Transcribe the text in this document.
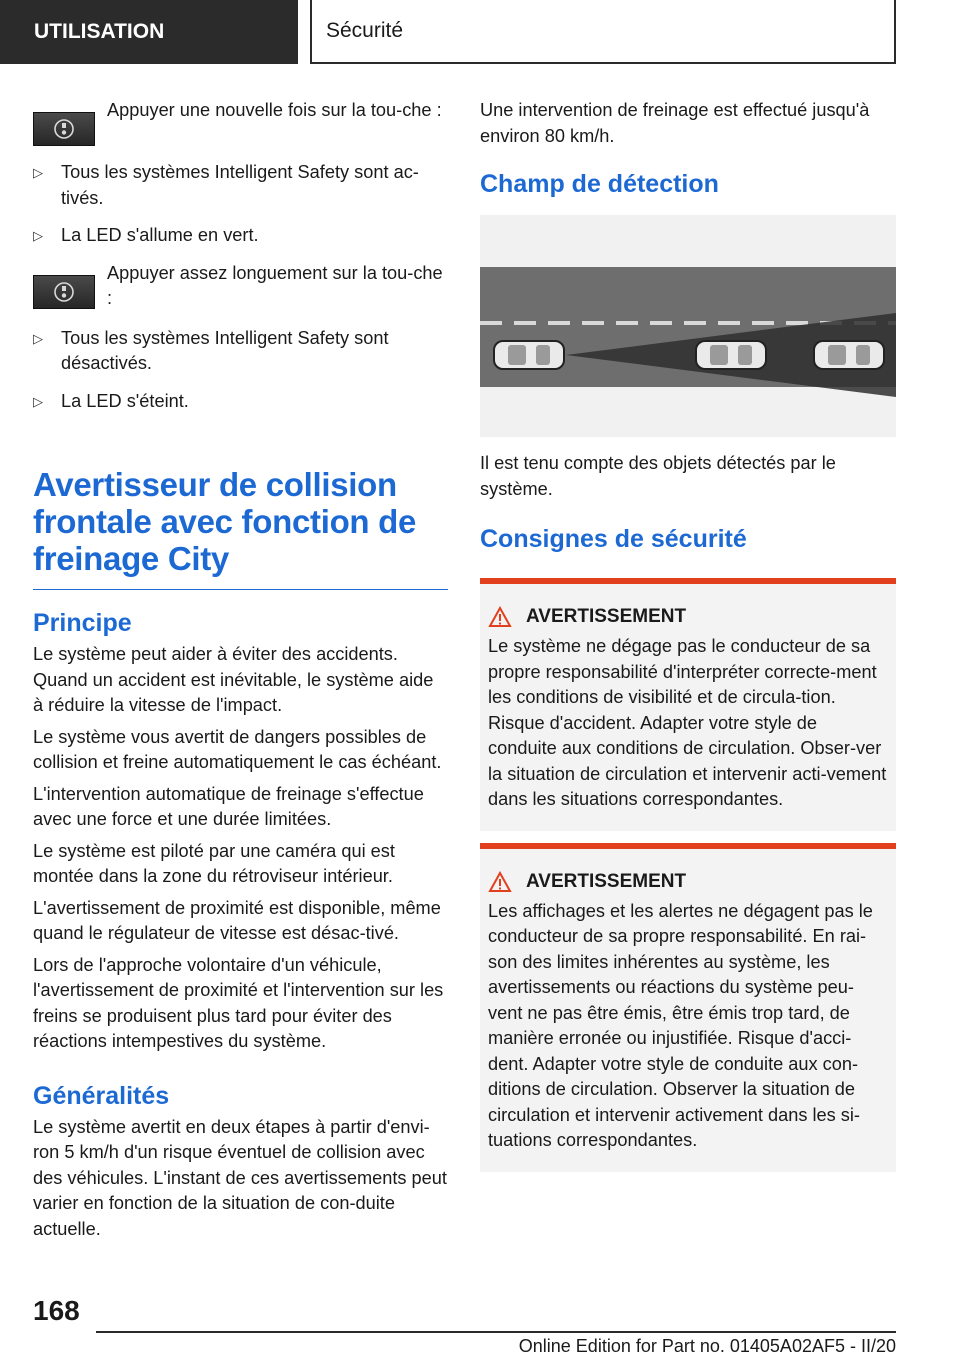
UTILISATION	Sécurité

Appuyer une nouvelle fois sur la tou-che :

▷ Tous les systèmes Intelligent Safety sont ac-tivés.
▷ La LED s'allume en vert.

Appuyer assez longuement sur la tou-che :

▷ Tous les systèmes Intelligent Safety sont désactivés.
▷ La LED s'éteint.
Avertisseur de collision frontale avec fonction de freinage City
Principe

Le système peut aider à éviter des accidents. Quand un accident est inévitable, le système aide à réduire la vitesse de l'impact.

Le système vous avertit de dangers possibles de collision et freine automatiquement le cas échéant.

L'intervention automatique de freinage s'effectue avec une force et une durée limitées.

Le système est piloté par une caméra qui est montée dans la zone du rétroviseur intérieur.

L'avertissement de proximité est disponible, même quand le régulateur de vitesse est désac-tivé.

Lors de l'approche volontaire d'un véhicule, l'avertissement de proximité et l'intervention sur les freins se produisent plus tard pour éviter des réactions intempestives du système.

Généralités

Le système avertit en deux étapes à partir d'envi-ron 5 km/h d'un risque éventuel de collision avec des véhicules. L'instant de ces avertissements peut varier en fonction de la situation de con-duite actuelle.

Une intervention de freinage est effectué jusqu'à environ 80 km/h.

Champ de détection

Il est tenu compte des objets détectés par le système.

Consignes de sécurité
AVERTISSEMENT

Le système ne dégage pas le conducteur de sa propre responsabilité d'interpréter correcte-ment les conditions de visibilité et de circula-tion. Risque d'accident. Adapter votre style de conduite aux conditions de circulation. Obser-ver la situation de circulation et intervenir acti-vement dans les situations correspondantes.

AVERTISSEMENT

Les affichages et les alertes ne dégagent pas le conducteur de sa propre responsabilité. En rai-son des limites inhérentes au système, les avertissements ou réactions du système peu-vent ne pas être émis, être émis trop tard, de manière erronée ou injustifiée. Risque d'acci-dent. Adapter votre style de conduite aux con-ditions de circulation. Observer la situation de circulation et intervenir activement dans les si-tuations correspondantes.

168
Online Edition for Part no. 01405A02AF5 - II/20
